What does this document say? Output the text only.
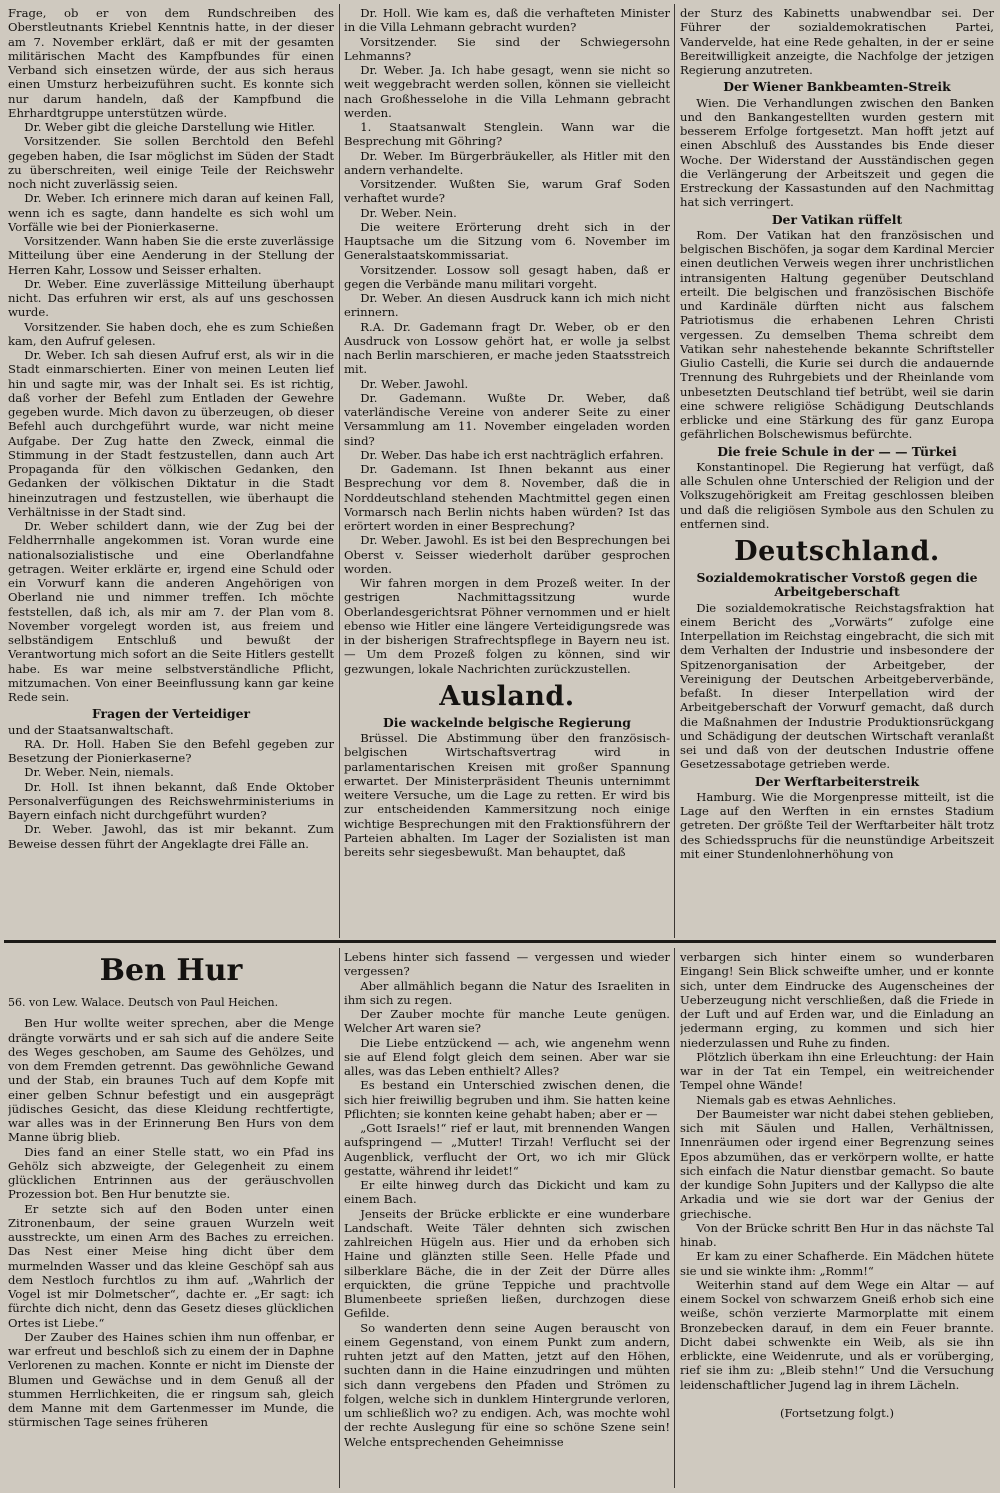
Frage, ob er von dem Rundschreiben des Oberstleutnants Kriebel Kenntnis hatte, in der dieser am 7. November erklärt, daß er mit der gesamten militärischen Macht des Kampfbundes für einen Verband sich einsetzen würde, der aus sich heraus einen Umsturz herbeizuführen sucht. Es konnte sich nur darum handeln, daß der Kampfbund die Ehrhardtgruppe unterstützen würde.

Dr. Weber gibt die gleiche Darstellung wie Hitler.

Vorsitzender. Sie sollen Berchtold den Befehl gegeben haben, die Isar möglichst im Süden der Stadt zu überschreiten, weil einige Teile der Reichswehr noch nicht zuverlässig seien.

Dr. Weber. Ich erinnere mich daran auf keinen Fall, wenn ich es sagte, dann handelte es sich wohl um Vorfälle wie bei der Pionierkaserne.

Vorsitzender. Wann haben Sie die erste zuverlässige Mitteilung über eine Aenderung in der Stellung der Herren Kahr, Lossow und Seisser erhalten.

Dr. Weber. Eine zuverlässige Mitteilung überhaupt nicht. Das erfuhren wir erst, als auf uns geschossen wurde.

Vorsitzender. Sie haben doch, ehe es zum Schießen kam, den Aufruf gelesen.

Dr. Weber. Ich sah diesen Aufruf erst, als wir in die Stadt einmarschierten. Einer von meinen Leuten lief hin und sagte mir, was der Inhalt sei. Es ist richtig, daß vorher der Befehl zum Entladen der Gewehre gegeben wurde. Mich davon zu überzeugen, ob dieser Befehl auch durchgeführt wurde, war nicht meine Aufgabe. Der Zug hatte den Zweck, einmal die Stimmung in der Stadt festzustellen, dann auch Art Propaganda für den völkischen Gedanken, den Gedanken der völkischen Diktatur in die Stadt hineinzutragen und festzustellen, wie überhaupt die Verhältnisse in der Stadt sind.

Dr. Weber schildert dann, wie der Zug bei der Feldherrnhalle angekommen ist. Voran wurde eine nationalsozialistische und eine Oberlandfahne getragen. Weiter erklärte er, irgend eine Schuld oder ein Vorwurf kann die anderen Angehörigen von Oberland nie und nimmer treffen. Ich möchte feststellen, daß ich, als mir am 7. der Plan vom 8. November vorgelegt worden ist, aus freiem und selbständigem Entschluß und bewußt der Verantwortung mich sofort an die Seite Hitlers gestellt habe. Es war meine selbstverständliche Pflicht, mitzumachen. Von einer Beeinflussung kann gar keine Rede sein.

Fragen der Verteidiger

und der Staatsanwaltschaft.

RA. Dr. Holl. Haben Sie den Befehl gegeben zur Besetzung der Pionierkaserne?

Dr. Weber. Nein, niemals.

Dr. Holl. Ist ihnen bekannt, daß Ende Oktober Personalverfügungen des Reichswehrministeriums in Bayern einfach nicht durchgeführt wurden?

Dr. Weber. Jawohl, das ist mir bekannt. Zum Beweise dessen führt der Angeklagte drei Fälle an.

Dr. Holl. Wie kam es, daß die verhafteten Minister in die Villa Lehmann gebracht wurden?

Vorsitzender. Sie sind der Schwiegersohn Lehmanns?

Dr. Weber. Ja. Ich habe gesagt, wenn sie nicht so weit weggebracht werden sollen, können sie vielleicht nach Großhesselohe in die Villa Lehmann gebracht werden.

1. Staatsanwalt Stenglein. Wann war die Besprechung mit Göhring?

Dr. Weber. Im Bürgerbräukeller, als Hitler mit den andern verhandelte.

Vorsitzender. Wußten Sie, warum Graf Soden verhaftet wurde?

Dr. Weber. Nein.

Die weitere Erörterung dreht sich in der Hauptsache um die Sitzung vom 6. November im Generalstaatskommissariat.

Vorsitzender. Lossow soll gesagt haben, daß er gegen die Verbände manu militari vorgeht.

Dr. Weber. An diesen Ausdruck kann ich mich nicht erinnern.

R.A. Dr. Gademann fragt Dr. Weber, ob er den Ausdruck von Lossow gehört hat, er wolle ja selbst nach Berlin marschieren, er mache jeden Staatsstreich mit.

Dr. Weber. Jawohl.

Dr. Gademann. Wußte Dr. Weber, daß vaterländische Vereine von anderer Seite zu einer Versammlung am 11. November eingeladen worden sind?

Dr. Weber. Das habe ich erst nachträglich erfahren.

Dr. Gademann. Ist Ihnen bekannt aus einer Besprechung vor dem 8. November, daß die in Norddeutschland stehenden Machtmittel gegen einen Vormarsch nach Berlin nichts haben würden? Ist das erörtert worden in einer Besprechung?

Dr. Weber. Jawohl. Es ist bei den Besprechungen bei Oberst v. Seisser wiederholt darüber gesprochen worden.

Wir fahren morgen in dem Prozeß weiter. In der gestrigen Nachmittagssitzung wurde Oberlandesgerichtsrat Pöhner vernommen und er hielt ebenso wie Hitler eine längere Verteidigungsrede was in der bisherigen Strafrechtspflege in Bayern neu ist. — Um dem Prozeß folgen zu können, sind wir gezwungen, lokale Nachrichten zurückzustellen.

Ausland.
Die wackelnde belgische Regierung

Brüssel. Die Abstimmung über den französisch-belgischen Wirtschaftsvertrag wird in parlamentarischen Kreisen mit großer Spannung erwartet. Der Ministerpräsident Theunis unternimmt weitere Versuche, um die Lage zu retten. Er wird bis zur entscheidenden Kammersitzung noch einige wichtige Besprechungen mit den Fraktionsführern der Parteien abhalten. Im Lager der Sozialisten ist man bereits sehr siegesbewußt. Man behauptet, daß

der Sturz des Kabinetts unabwendbar sei. Der Führer der sozialdemokratischen Partei, Vandervelde, hat eine Rede gehalten, in der er seine Bereitwilligkeit anzeigte, die Nachfolge der jetzigen Regierung anzutreten.

Der Wiener Bankbeamten-Streik

Wien. Die Verhandlungen zwischen den Banken und den Bankangestellten wurden gestern mit besserem Erfolge fortgesetzt. Man hofft jetzt auf einen Abschluß des Ausstandes bis Ende dieser Woche. Der Widerstand der Ausständischen gegen die Verlängerung der Arbeitszeit und gegen die Erstreckung der Kassastunden auf den Nachmittag hat sich verringert.

Der Vatikan rüffelt

Rom. Der Vatikan hat den französischen und belgischen Bischöfen, ja sogar dem Kardinal Mercier einen deutlichen Verweis wegen ihrer unchristlichen intransigenten Haltung gegenüber Deutschland erteilt. Die belgischen und französischen Bischöfe und Kardinäle dürften nicht aus falschem Patriotismus die erhabenen Lehren Christi vergessen. Zu demselben Thema schreibt dem Vatikan sehr nahestehende bekannte Schriftsteller Giulio Castelli, die Kurie sei durch die andauernde Trennung des Ruhrgebiets und der Rheinlande vom unbesetzten Deutschland tief betrübt, weil sie darin eine schwere religiöse Schädigung Deutschlands erblicke und eine Stärkung des für ganz Europa gefährlichen Bolschewismus befürchte.

Die freie Schule in der — — Türkei

Konstantinopel. Die Regierung hat verfügt, daß alle Schulen ohne Unterschied der Religion und der Volkszugehörigkeit am Freitag geschlossen bleiben und daß die religiösen Symbole aus den Schulen zu entfernen sind.

Deutschland.
Sozialdemokratischer Vorstoß gegen die Arbeitgeberschaft

Die sozialdemokratische Reichstagsfraktion hat einem Bericht des „Vorwärts“ zufolge eine Interpellation im Reichstag eingebracht, die sich mit dem Verhalten der Industrie und insbesondere der Spitzenorganisation der Arbeitgeber, der Vereinigung der Deutschen Arbeitgeberverbände, befaßt. In dieser Interpellation wird der Arbeitgeberschaft der Vorwurf gemacht, daß durch die Maßnahmen der Industrie Produktionsrückgang und Schädigung der deutschen Wirtschaft veranlaßt sei und daß von der deutschen Industrie offene Gesetzessabotage getrieben werde.

Der Werftarbeiterstreik

Hamburg. Wie die Morgenpresse mitteilt, ist die Lage auf den Werften in ein ernstes Stadium getreten. Der größte Teil der Werftarbeiter hält trotz des Schiedsspruchs für die neunstündige Arbeitszeit mit einer Stundenlohnerhöhung von

Ben Hur

56. von Lew. Walace. Deutsch von Paul Heichen.

Ben Hur wollte weiter sprechen, aber die Menge drängte vorwärts und er sah sich auf die andere Seite des Weges geschoben, am Saume des Gehölzes, und von dem Fremden getrennt. Das gewöhnliche Gewand und der Stab, ein braunes Tuch auf dem Kopfe mit einer gelben Schnur befestigt und ein ausgeprägt jüdisches Gesicht, das diese Kleidung rechtfertigte, war alles was in der Erinnerung Ben Hurs von dem Manne übrig blieb.

Dies fand an einer Stelle statt, wo ein Pfad ins Gehölz sich abzweigte, der Gelegenheit zu einem glücklichen Entrinnen aus der geräuschvollen Prozession bot. Ben Hur benutzte sie.

Er setzte sich auf den Boden unter einen Zitronenbaum, der seine grauen Wurzeln weit ausstreckte, um einen Arm des Baches zu erreichen. Das Nest einer Meise hing dicht über dem murmelnden Wasser und das kleine Geschöpf sah aus dem Nestloch furchtlos zu ihm auf. „Wahrlich der Vogel ist mir Dolmetscher“, dachte er. „Er sagt: ich fürchte dich nicht, denn das Gesetz dieses glücklichen Ortes ist Liebe.“

Der Zauber des Haines schien ihm nun offenbar, er war erfreut und beschloß sich zu einem der in Daphne Verlorenen zu machen. Konnte er nicht im Dienste der Blumen und Gewächse und in dem Genuß all der stummen Herrlichkeiten, die er ringsum sah, gleich dem Manne mit dem Gartenmesser im Munde, die stürmischen Tage seines früheren

Lebens hinter sich fassend — vergessen und wieder vergessen?

Aber allmählich begann die Natur des Israeliten in ihm sich zu regen.

Der Zauber mochte für manche Leute genügen. Welcher Art waren sie?

Die Liebe entzückend — ach, wie angenehm wenn sie auf Elend folgt gleich dem seinen. Aber war sie alles, was das Leben enthielt? Alles?

Es bestand ein Unterschied zwischen denen, die sich hier freiwillig begruben und ihm. Sie hatten keine Pflichten; sie konnten keine gehabt haben; aber er —

„Gott Israels!“ rief er laut, mit brennenden Wangen aufspringend — „Mutter! Tirzah! Verflucht sei der Augenblick, verflucht der Ort, wo ich mir Glück gestatte, während ihr leidet!“

Er eilte hinweg durch das Dickicht und kam zu einem Bach.

Jenseits der Brücke erblickte er eine wunderbare Landschaft. Weite Täler dehnten sich zwischen zahlreichen Hügeln aus. Hier und da erhoben sich Haine und glänzten stille Seen. Helle Pfade und silberklare Bäche, die in der Zeit der Dürre alles erquickten, die grüne Teppiche und prachtvolle Blumenbeete sprießen ließen, durchzogen diese Gefilde.

So wanderten denn seine Augen berauscht von einem Gegenstand, von einem Punkt zum andern, ruhten jetzt auf den Matten, jetzt auf den Höhen, suchten dann in die Haine einzudringen und mühten sich dann vergebens den Pfaden und Strömen zu folgen, welche sich in dunklem Hintergrunde verloren, um schließlich wo? zu endigen. Ach, was mochte wohl der rechte Auslegung für eine so schöne Szene sein! Welche entsprechenden Geheimnisse

verbargen sich hinter einem so wunderbaren Eingang! Sein Blick schweifte umher, und er konnte sich, unter dem Eindrucke des Augenscheines der Ueberzeugung nicht verschließen, daß die Friede in der Luft und auf Erden war, und die Einladung an jedermann erging, zu kommen und sich hier niederzulassen und Ruhe zu finden.

Plötzlich überkam ihn eine Erleuchtung: der Hain war in der Tat ein Tempel, ein weitreichender Tempel ohne Wände!

Niemals gab es etwas Aehnliches.

Der Baumeister war nicht dabei stehen geblieben, sich mit Säulen und Hallen, Verhältnissen, Innenräumen oder irgend einer Begrenzung seines Epos abzumühen, das er verkörpern wollte, er hatte sich einfach die Natur dienstbar gemacht. So baute der kundige Sohn Jupiters und der Kallypso die alte Arkadia und wie sie dort war der Genius der griechische.

Von der Brücke schritt Ben Hur in das nächste Tal hinab.

Er kam zu einer Schafherde. Ein Mädchen hütete sie und sie winkte ihm: „Romm!“

Weiterhin stand auf dem Wege ein Altar — auf einem Sockel von schwarzem Gneiß erhob sich eine weiße, schön verzierte Marmorplatte mit einem Bronzebecken darauf, in dem ein Feuer brannte. Dicht dabei schwenkte ein Weib, als sie ihn erblickte, eine Weidenrute, und als er vorüberging, rief sie ihm zu: „Bleib stehn!“ Und die Versuchung leidenschaftlicher Jugend lag in ihrem Lächeln.

(Fortsetzung folgt.)
